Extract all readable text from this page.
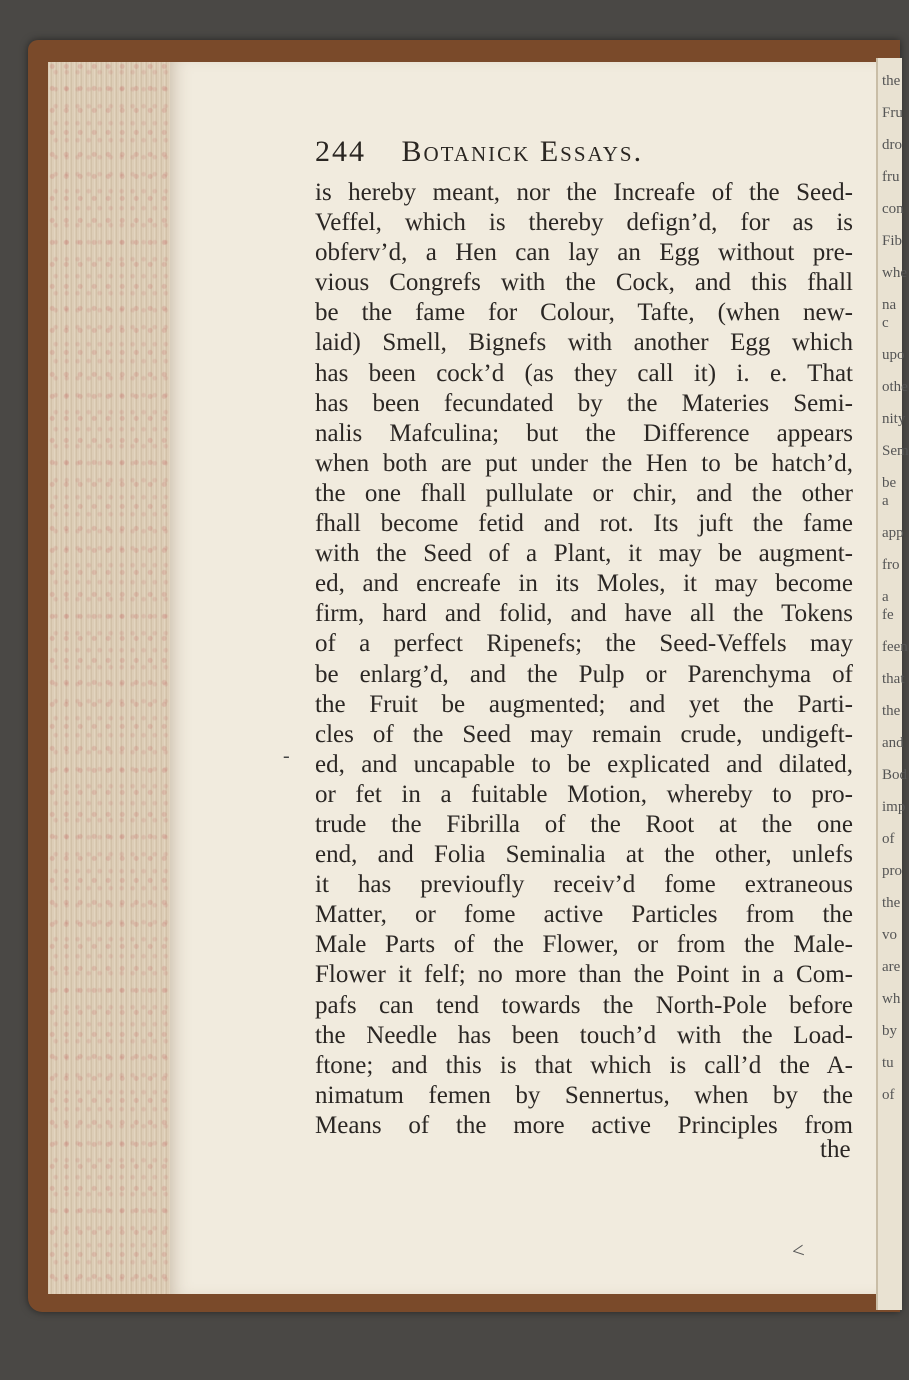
the
Fru
dro
fru
con
Fib
whe
na c
upo
othe
nity
Sem
be a
app
fro
a fe
feen
that
the
and
Bod
imp
of
pro
the
vo
are
wh
by
tu
of
244 Botanick Essays.
is hereby meant, nor the Increafe of the Seed-
Veffel, which is thereby defign’d, for as is
obferv’d, a Hen can lay an Egg without pre-
vious Congrefs with the Cock, and this fhall
be the fame for Colour, Tafte, (when new-
laid) Smell, Bignefs with another Egg which
has been cock’d (as they call it) i. e. That
has been fecundated by the Materies Semi-
nalis Mafculina; but the Difference appears
when both are put under the Hen to be hatch’d,
the one fhall pullulate or chir, and the other
fhall become fetid and rot. Its juft the fame
with the Seed of a Plant, it may be augment-
ed, and encreafe in its Moles, it may become
firm, hard and folid, and have all the Tokens
of a perfect Ripenefs; the Seed-Veffels may
be enlarg’d, and the Pulp or Parenchyma of
the Fruit be augmented; and yet the Parti-
cles of the Seed may remain crude, undigeft-
ed, and uncapable to be explicated and dilated,
or fet in a fuitable Motion, whereby to pro-
trude the Fibrilla of the Root at the one
end, and Folia Seminalia at the other, unlefs
it has previoufly receiv’d fome extraneous
Matter, or fome active Particles from the
Male Parts of the Flower, or from the Male-
Flower it felf; no more than the Point in a Com-
pafs can tend towards the North-Pole before
the Needle has been touch’d with the Load-
ftone; and this is that which is call’d the A-
nimatum femen by Sennertus, when by the
Means of the more active Principles from
-
the
<
